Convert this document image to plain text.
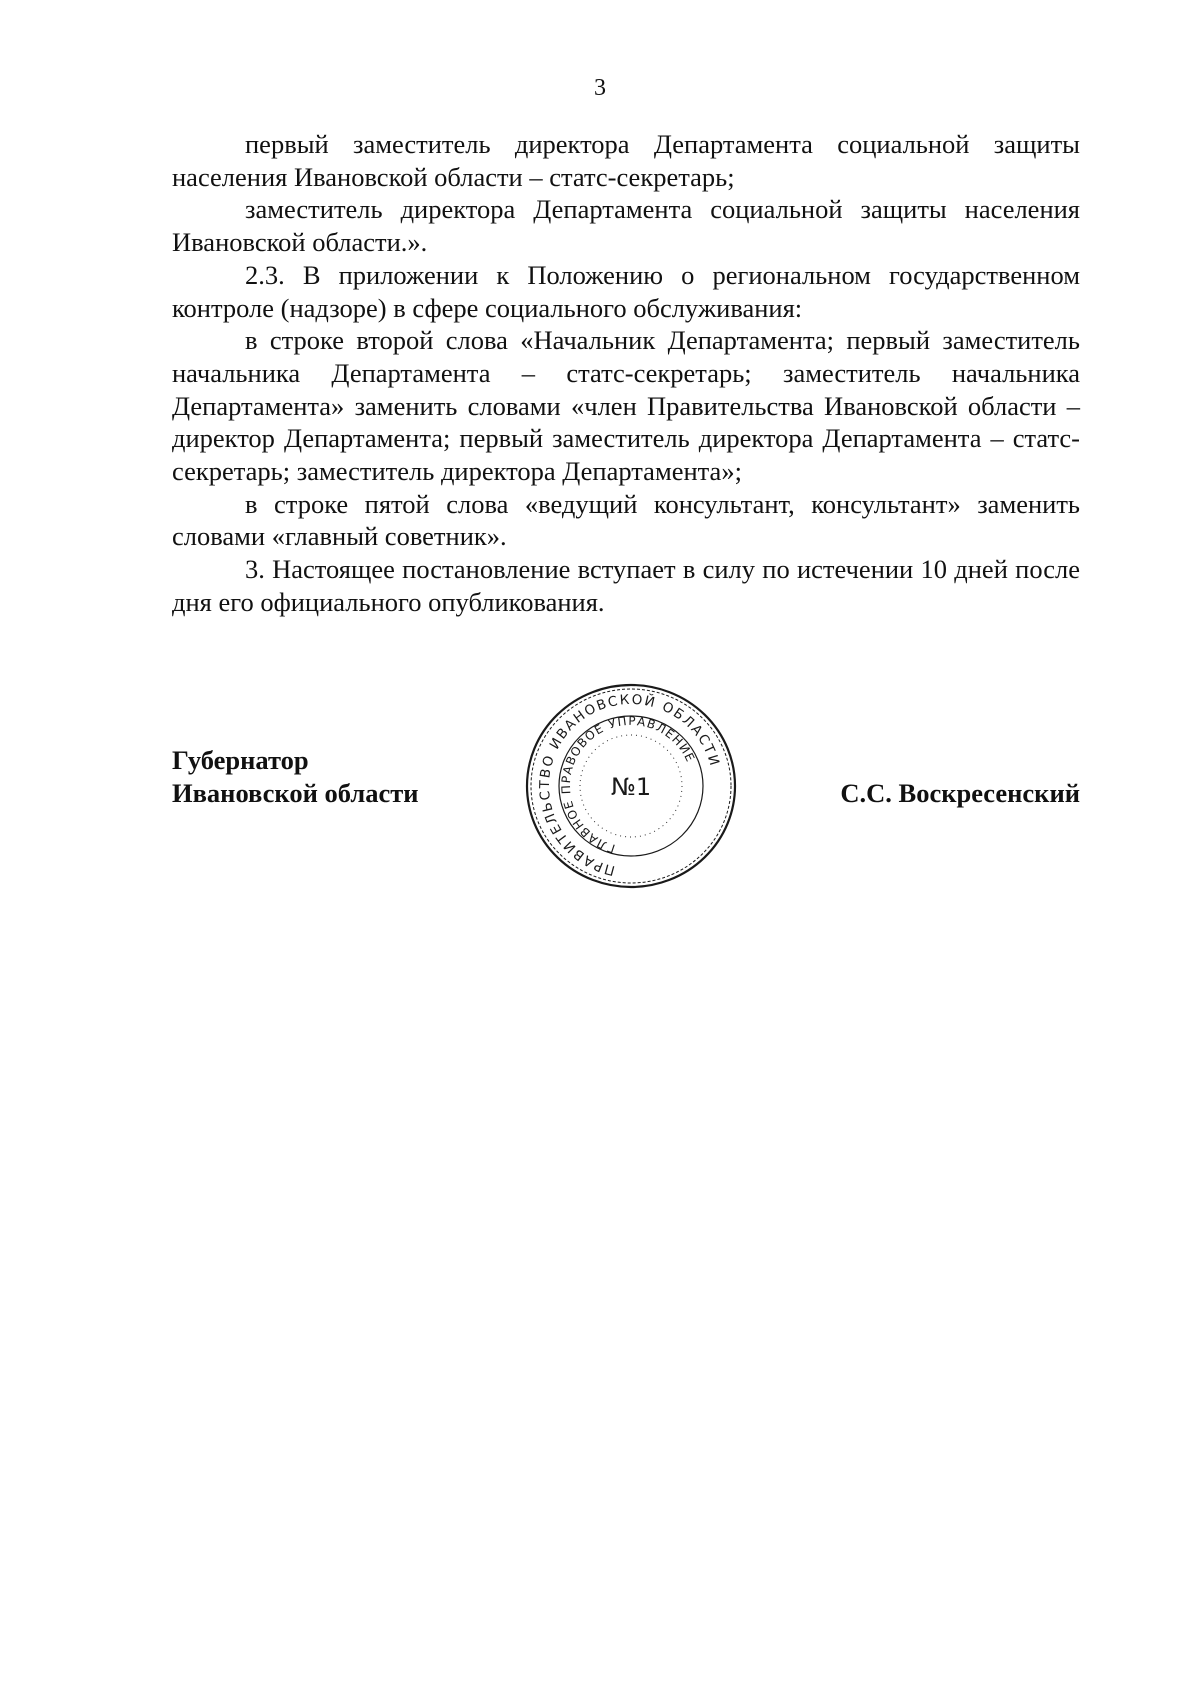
3

первый заместитель директора Департамента социальной защиты населения Ивановской области – статс-секретарь;

заместитель директора Департамента социальной защиты населения Ивановской области.».

2.3. В приложении к Положению о региональном государственном контроле (надзоре) в сфере социального обслуживания:

в строке второй слова «Начальник Департамента; первый заместитель начальника Департамента – статс-секретарь; заместитель начальника Департамента» заменить словами «член Правительства Ивановской области – директор Департамента; первый заместитель директора Департамента – статс-секретарь; заместитель директора Департамента»;

в строке пятой слова «ведущий консультант, консультант» заменить словами «главный советник».

3. Настоящее постановление вступает в силу по истечении 10 дней после дня его официального опубликования.

Губернатор
Ивановской области
ПРАВИТЕЛЬСТВО ИВАНОВСКОЙ ОБЛАСТИ
ГЛАВНОЕ ПРАВОВОЕ УПРАВЛЕНИЕ
№1	С.С. Воскресенский
